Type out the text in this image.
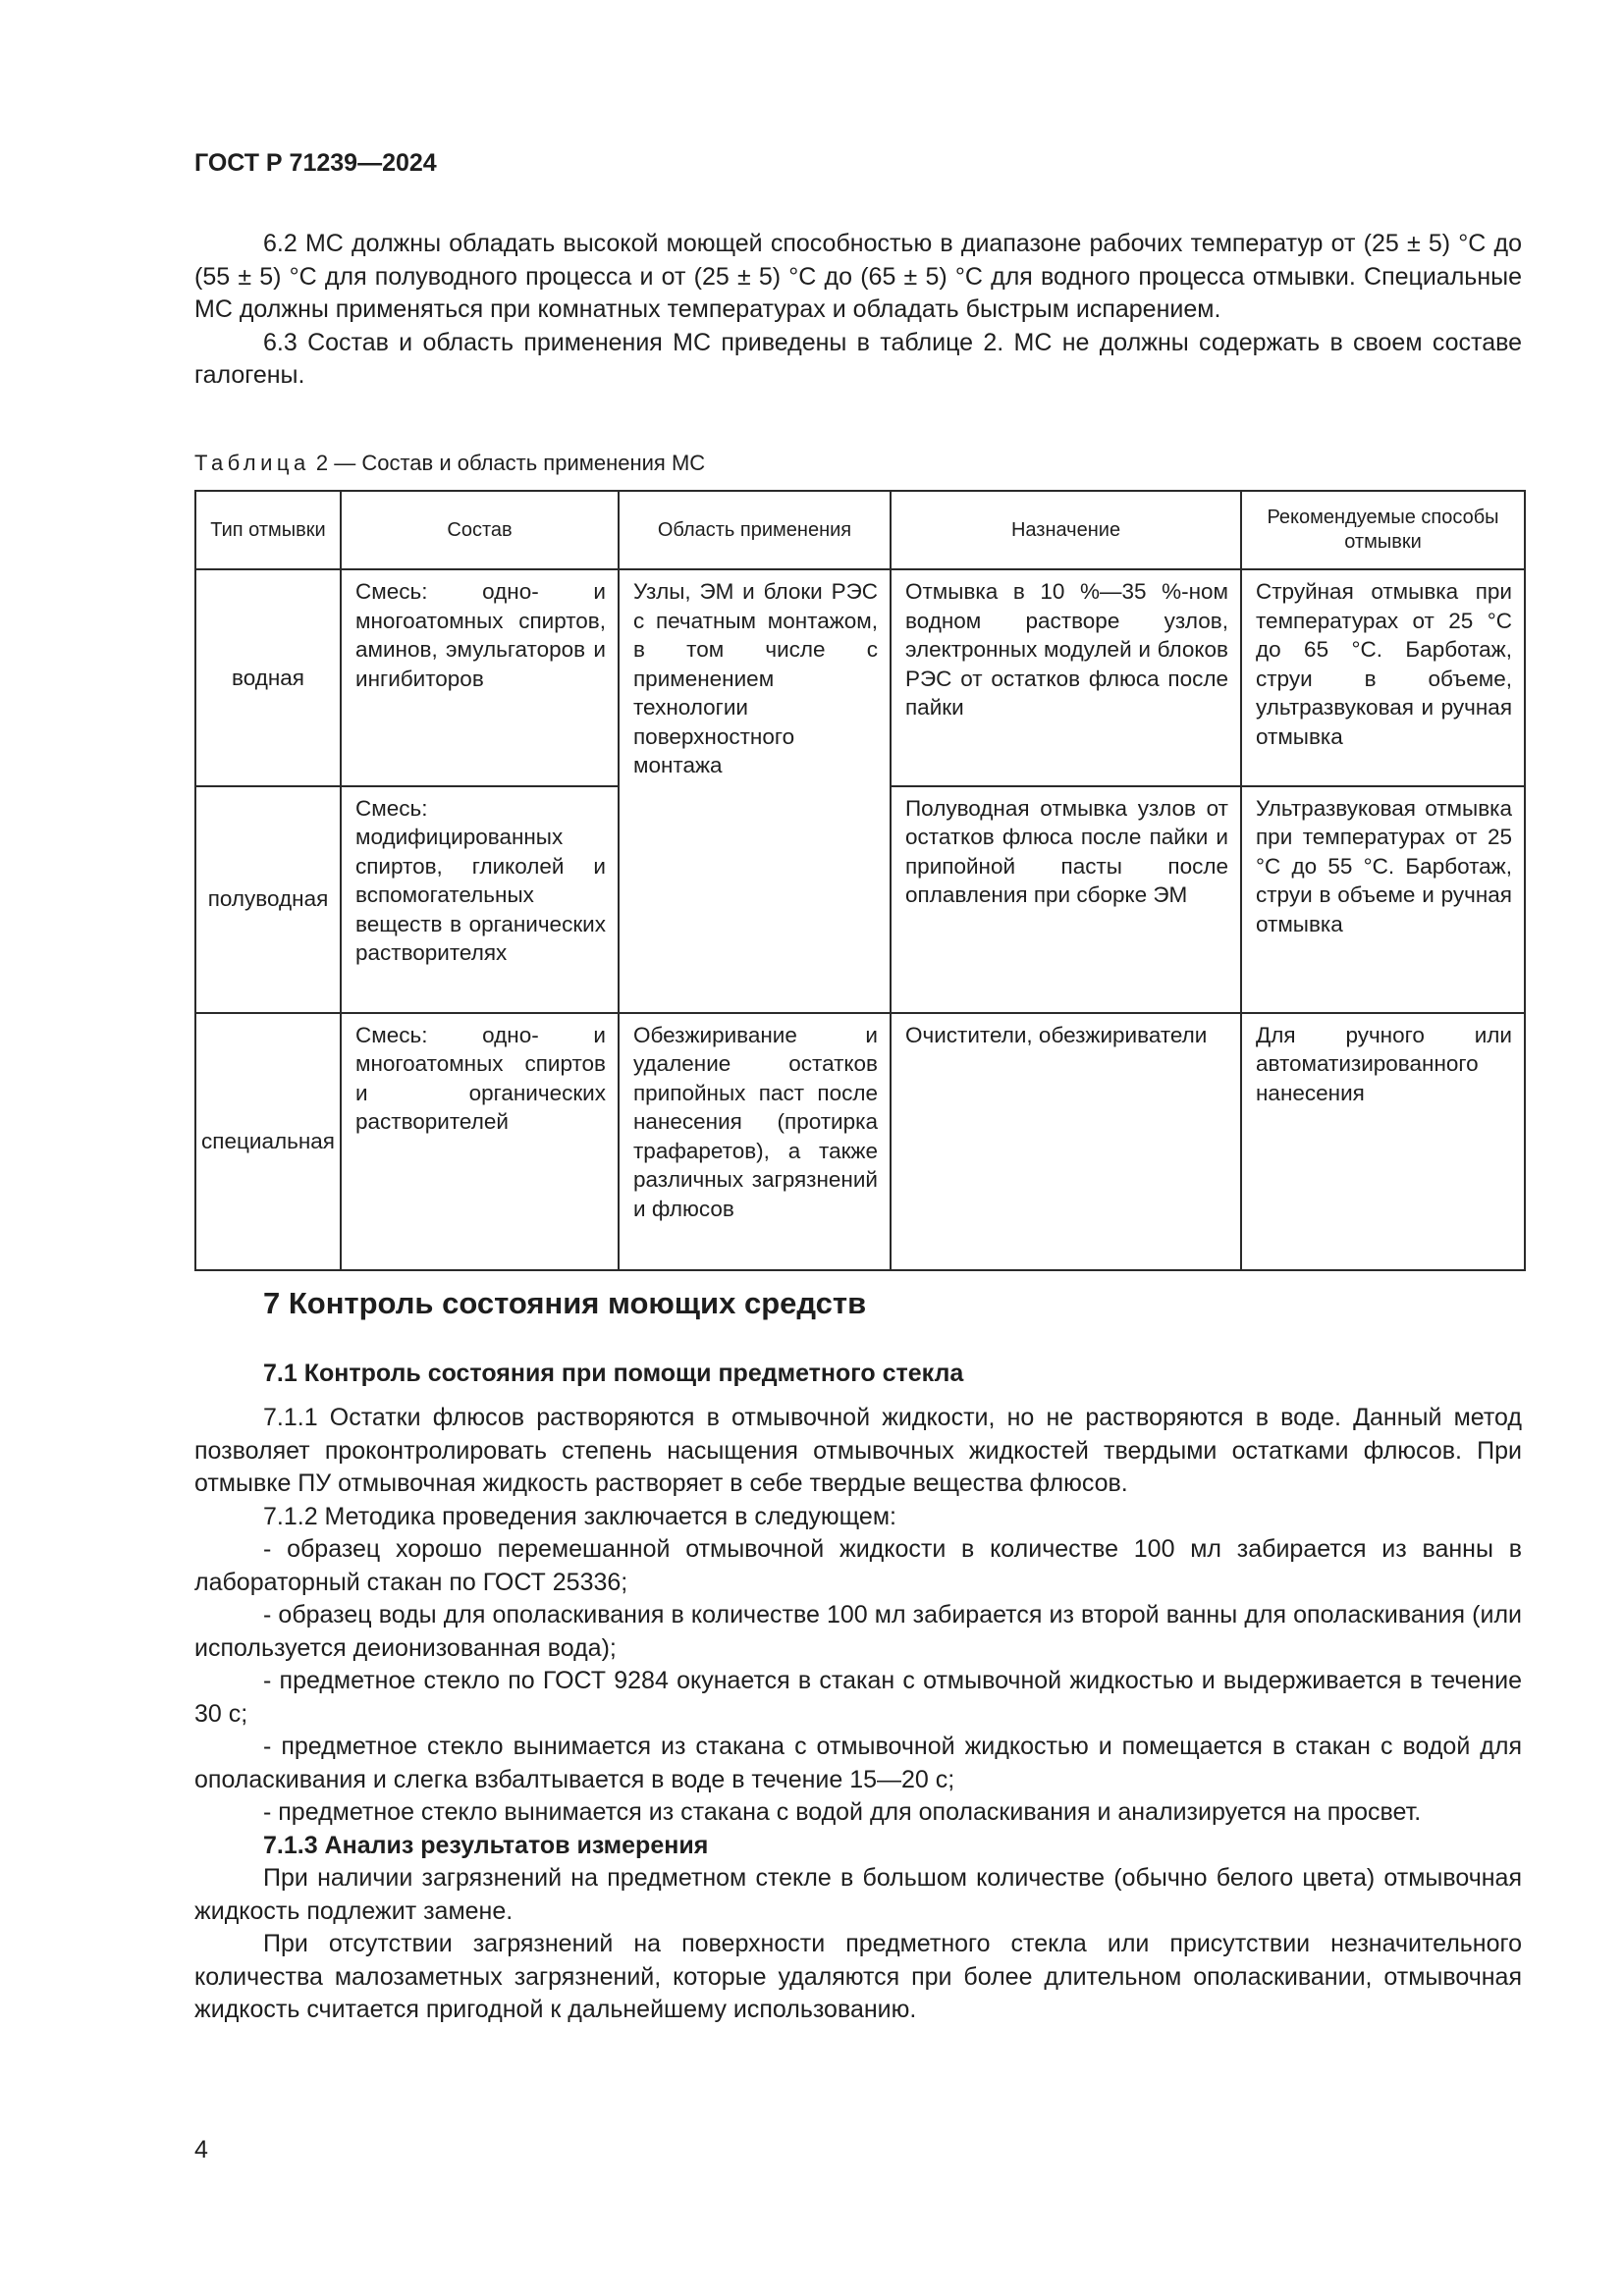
ГОСТ Р 71239—2024

6.2 МС должны обладать высокой моющей способностью в диапазоне рабочих температур от (25 ± 5) °C до (55 ± 5) °C для полуводного процесса и от (25 ± 5) °C до (65 ± 5) °C для водного процесса отмывки. Специальные МС должны применяться при комнатных температурах и обладать быстрым испарением.

6.3 Состав и область применения МС приведены в таблице 2. МС не должны содержать в своем составе галогены.

Таблица 2 — Состав и область применения МС
Тип отмывки	Состав	Область применения	Назначение	Рекомендуемые способы отмывки
водная	Смесь: одно- и многоатомных спиртов, аминов, эмульгаторов и ингибиторов	Узлы, ЭМ и блоки РЭС с печатным монтажом, в том числе с применением технологии поверхностного монтажа	Отмывка в 10 %—35 %-ном водном растворе узлов, электронных модулей и блоков РЭС от остатков флюса после пайки	Струйная отмывка при температурах от 25 °C до 65 °C. Барботаж, струи в объеме, ультразвуковая и ручная отмывка
полуводная	Смесь: модифицированных спиртов, гликолей и вспомогательных веществ в органических растворителях		Полуводная отмывка узлов от остатков флюса после пайки и припойной пасты после оплавления при сборке ЭМ	Ультразвуковая отмывка при температурах от 25 °C до 55 °C. Барботаж, струи в объеме и ручная отмывка
специальная	Смесь: одно- и многоатомных спиртов и органических растворителей	Обезжиривание и удаление остатков припойных паст после нанесения (протирка трафаретов), а также различных загрязнений и флюсов	Очистители, обезжириватели	Для ручного или автоматизированного нанесения
7 Контроль состояния моющих средств
7.1 Контроль состояния при помощи предметного стекла

7.1.1 Остатки флюсов растворяются в отмывочной жидкости, но не растворяются в воде. Данный метод позволяет проконтролировать степень насыщения отмывочных жидкостей твердыми остатками флюсов. При отмывке ПУ отмывочная жидкость растворяет в себе твердые вещества флюсов.

7.1.2 Методика проведения заключается в следующем:

- образец хорошо перемешанной отмывочной жидкости в количестве 100 мл забирается из ванны в лабораторный стакан по ГОСТ 25336;

- образец воды для ополаскивания в количестве 100 мл забирается из второй ванны для ополаскивания (или используется деионизованная вода);

- предметное стекло по ГОСТ 9284 окунается в стакан с отмывочной жидкостью и выдерживается в течение 30 с;

- предметное стекло вынимается из стакана с отмывочной жидкостью и помещается в стакан с водой для ополаскивания и слегка взбалтывается в воде в течение 15—20 с;

- предметное стекло вынимается из стакана с водой для ополаскивания и анализируется на просвет.

7.1.3 Анализ результатов измерения

При наличии загрязнений на предметном стекле в большом количестве (обычно белого цвета) отмывочная жидкость подлежит замене.

При отсутствии загрязнений на поверхности предметного стекла или присутствии незначительного количества малозаметных загрязнений, которые удаляются при более длительном ополаскивании, отмывочная жидкость считается пригодной к дальнейшему использованию.

4
